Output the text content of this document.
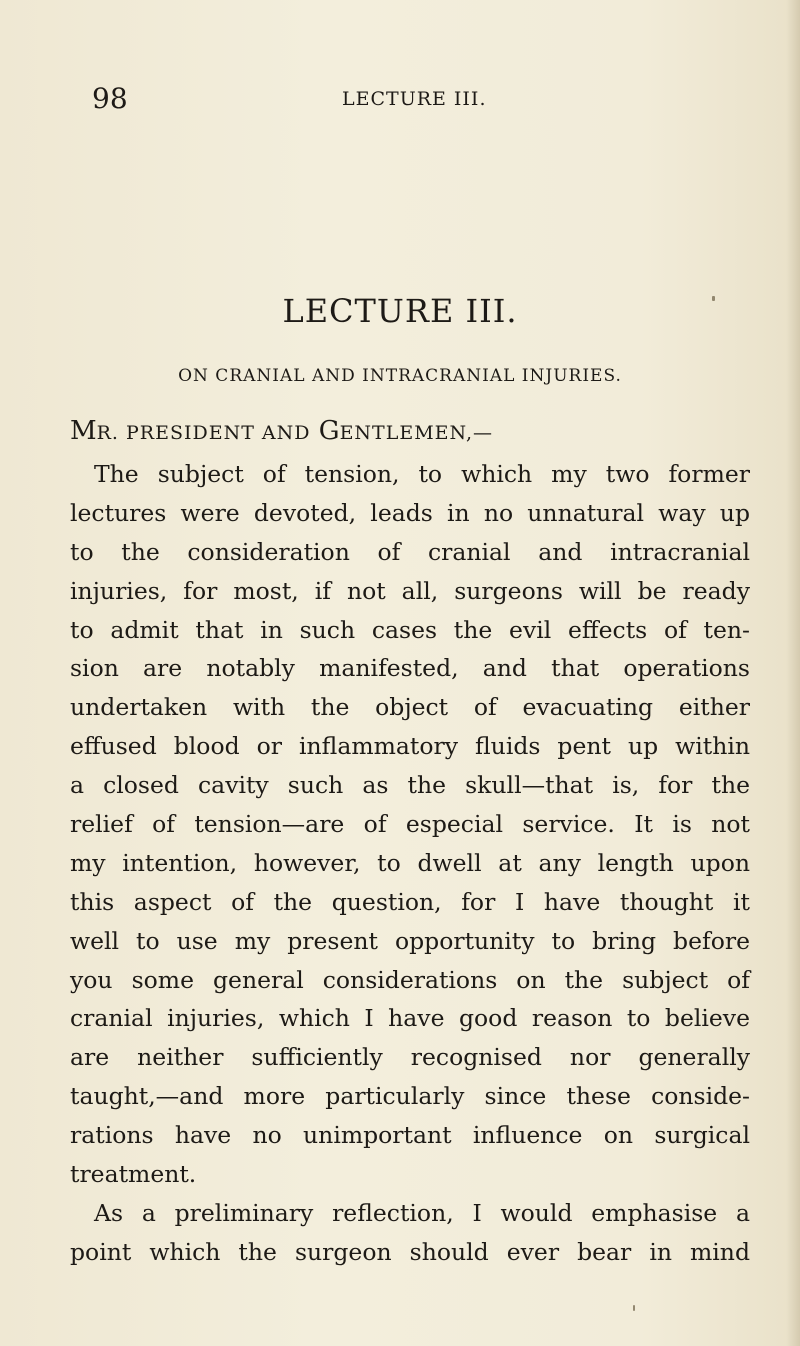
98	LECTURE III.
LECTURE III.
ON CRANIAL AND INTRACRANIAL INJURIES.
MR. PRESIDENT AND GENTLEMEN,—
The subject of tension, to which my two former
lectures were devoted, leads in no unnatural way up
to the consideration of cranial and intracranial
injuries, for most, if not all, surgeons will be ready
to admit that in such cases the evil effects of ten-
sion are notably manifested, and that operations
undertaken with the object of evacuating either
effused blood or inflammatory fluids pent up within
a closed cavity such as the skull—that is, for the
relief of tension—are of especial service. It is not
my intention, however, to dwell at any length upon
this aspect of the question, for I have thought it
well to use my present opportunity to bring before
you some general considerations on the subject of
cranial injuries, which I have good reason to believe
are neither sufficiently recognised nor generally
taught,—and more particularly since these conside-
rations have no unimportant influence on surgical
treatment.
As a preliminary reflection, I would emphasise a
point which the surgeon should ever bear in mind
